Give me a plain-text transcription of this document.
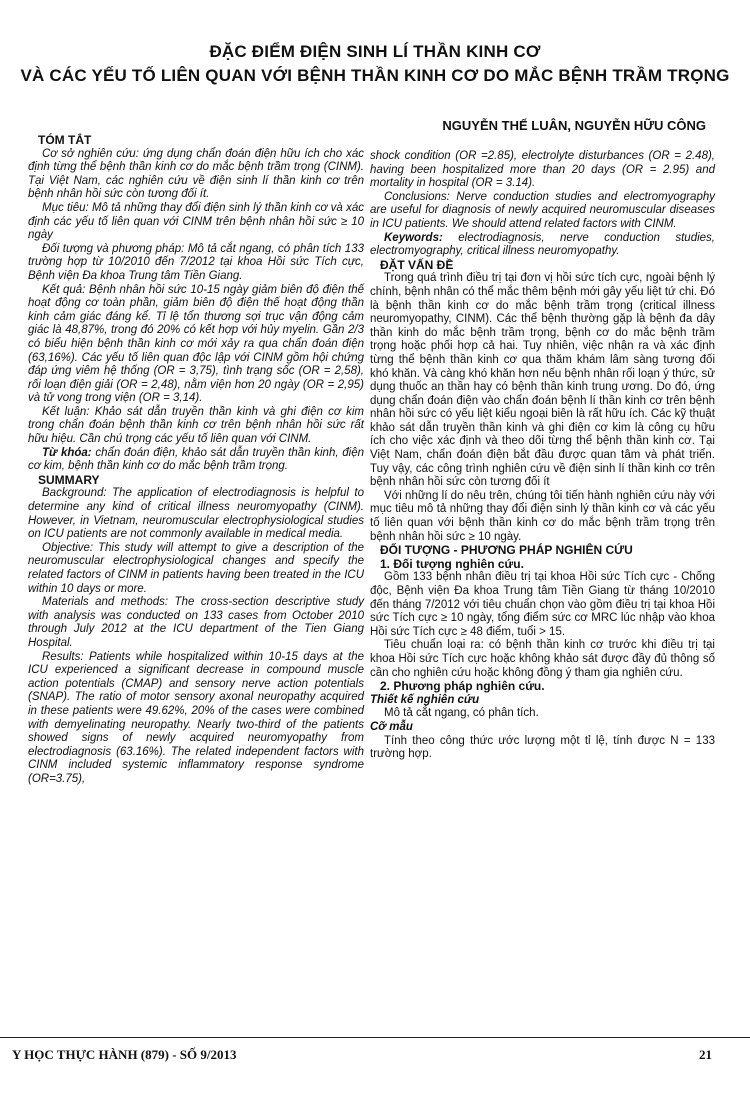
ĐẶC ĐIỂM ĐIỆN SINH LÍ THẦN KINH CƠ
VÀ CÁC YẾU TỐ LIÊN QUAN VỚI BỆNH THẦN KINH CƠ DO MẮC BỆNH TRẦM TRỌNG
NGUYỄN THẾ LUÂN, NGUYỄN HỮU CÔNG

TÓM TẮT

Cơ sở nghiên cứu: ứng dụng chẩn đoán điện hữu ích cho xác định từng thể bệnh thần kinh cơ do mắc bệnh trầm trọng (CINM). Tại Việt Nam, các nghiên cứu về điện sinh lí thần kinh cơ trên bệnh nhân hồi sức còn tương đối ít.

Mục tiêu: Mô tả những thay đổi điện sinh lý thần kinh cơ và xác định các yếu tố liên quan với CINM trên bệnh nhân hồi sức ≥ 10 ngày

Đối tượng và phương pháp: Mô tả cắt ngang, có phân tích 133 trường hợp từ 10/2010 đến 7/2012 tại khoa Hồi sức Tích cực, Bệnh viện Đa khoa Trung tâm Tiền Giang.

Kết quả: Bệnh nhân hồi sức 10-15 ngày giảm biên độ điện thế hoạt động cơ toàn phần, giảm biên độ điện thế hoạt động thần kinh cảm giác đáng kể. Tỉ lệ tổn thương sợi trục vận động cảm giác là 48,87%, trong đó 20% có kết hợp với hủy myelin. Gần 2/3 có biểu hiện bệnh thần kinh cơ mới xảy ra qua chẩn đoán điện (63,16%). Các yếu tố liên quan độc lập với CINM gồm hội chứng đáp ứng viêm hệ thống (OR = 3,75), tình trạng sốc (OR = 2,58), rối loạn điện giải (OR = 2,48), nằm viện hơn 20 ngày (OR = 2,95) và tử vong trong viện (OR = 3,14).

Kết luận: Khảo sát dẫn truyền thần kinh và ghi điện cơ kim trong chẩn đoán bệnh thần kinh cơ trên bệnh nhân hồi sức rất hữu hiệu. Cần chú trọng các yếu tố liên quan với CINM.

Từ khóa: chẩn đoán điện, khảo sát dẫn truyền thần kinh, điện cơ kim, bệnh thần kinh cơ do mắc bệnh trầm trọng.

SUMMARY

Background: The application of electrodiagnosis is helpful to determine any kind of critical illness neuromyopathy (CINM). However, in Vietnam, neuromuscular electrophysiological studies on ICU patients are not commonly available in medical media.

Objective: This study will attempt to give a description of the neuromuscular electrophysiological changes and specify the related factors of CINM in patients having been treated in the ICU within 10 days or more.

Materials and methods: The cross-section descriptive study with analysis was conducted on 133 cases from October 2010 through July 2012 at the ICU department of the Tien Giang Hospital.

Results: Patients while hospitalized within 10-15 days at the ICU experienced a significant decrease in compound muscle action potentials (CMAP) and sensory nerve action potentials (SNAP). The ratio of motor sensory axonal neuropathy acquired in these patients were 49.62%, 20% of the cases were combined with demyelinating neuropathy. Nearly two-third of the patients showed signs of newly acquired neuromyopathy from electrodiagnosis (63.16%). The related independent factors with CINM included systemic inflammatory response syndrome (OR=3.75),

shock condition (OR =2.85), electrolyte disturbances (OR = 2.48), having been hospitalized more than 20 days (OR = 2.95) and mortality in hospital (OR = 3.14).

Conclusions: Nerve conduction studies and electromyography are useful for diagnosis of newly acquired neuromuscular diseases in ICU patients. We should attend related factors with CINM.

Keywords: electrodiagnosis, nerve conduction studies, electromyography, critical illness neuromyopathy.

ĐẶT VẤN ĐỀ

Trong quá trình điều trị tại đơn vị hồi sức tích cực, ngoài bệnh lý chính, bệnh nhân có thể mắc thêm bệnh mới gây yếu liệt tứ chi. Đó là bệnh thần kinh cơ do mắc bệnh trầm trọng (critical illness neuromyopathy, CINM). Các thể bệnh thường gặp là bệnh đa dây thần kinh do mắc bệnh trầm trọng, bệnh cơ do mắc bệnh trầm trọng hoặc phối hợp cả hai. Tuy nhiên, việc nhận ra và xác định từng thể bệnh thần kinh cơ qua thăm khám lâm sàng tương đối khó khăn. Và càng khó khăn hơn nếu bệnh nhân rối loạn ý thức, sử dụng thuốc an thần hay có bệnh thần kinh trung ương. Do đó, ứng dụng chẩn đoán điện vào chẩn đoán bệnh lí thần kinh cơ trên bệnh nhân hồi sức có yếu liệt kiểu ngoại biên là rất hữu ích. Các kỹ thuật khảo sát dẫn truyền thần kinh và ghi điện cơ kim là công cụ hữu ích cho việc xác định và theo dõi từng thể bệnh thần kinh cơ. Tại Việt Nam, chẩn đoán điện bắt đầu được quan tâm và phát triển. Tuy vậy, các công trình nghiên cứu về điện sinh lí thần kinh cơ trên bệnh nhân hồi sức còn tương đối ít

Với những lí do nêu trên, chúng tôi tiến hành nghiên cứu này với mục tiêu mô tả những thay đổi điện sinh lý thần kinh cơ và các yếu tố liên quan với bệnh thần kinh cơ do mắc bệnh trầm trọng trên bệnh nhân hồi sức ≥ 10 ngày.

ĐỐI TƯỢNG - PHƯƠNG PHÁP NGHIÊN CỨU

1. Đối tượng nghiên cứu.

Gồm 133 bệnh nhân điều trị tại khoa Hồi sức Tích cực - Chống độc, Bệnh viện Đa khoa Trung tâm Tiền Giang từ tháng 10/2010 đến tháng 7/2012 với tiêu chuẩn chọn vào gồm điều trị tại khoa Hồi sức Tích cực ≥ 10 ngày, tổng điểm sức cơ MRC lúc nhập vào khoa Hồi sức Tích cực ≥ 48 điểm, tuổi > 15.

Tiêu chuẩn loại ra: có bệnh thần kinh cơ trước khi điều trị tại khoa Hồi sức Tích cực hoặc không khảo sát được đầy đủ thông số cần cho nghiên cứu hoặc không đồng ý tham gia nghiên cứu.

2. Phương pháp nghiên cứu.

Thiết kế nghiên cứu

Mô tả cắt ngang, có phân tích.

Cỡ mẫu

Tính theo công thức ước lượng một tỉ lệ, tính được N = 133 trường hợp.

Y HỌC THỰC HÀNH (879) - SỐ 9/2013	21
